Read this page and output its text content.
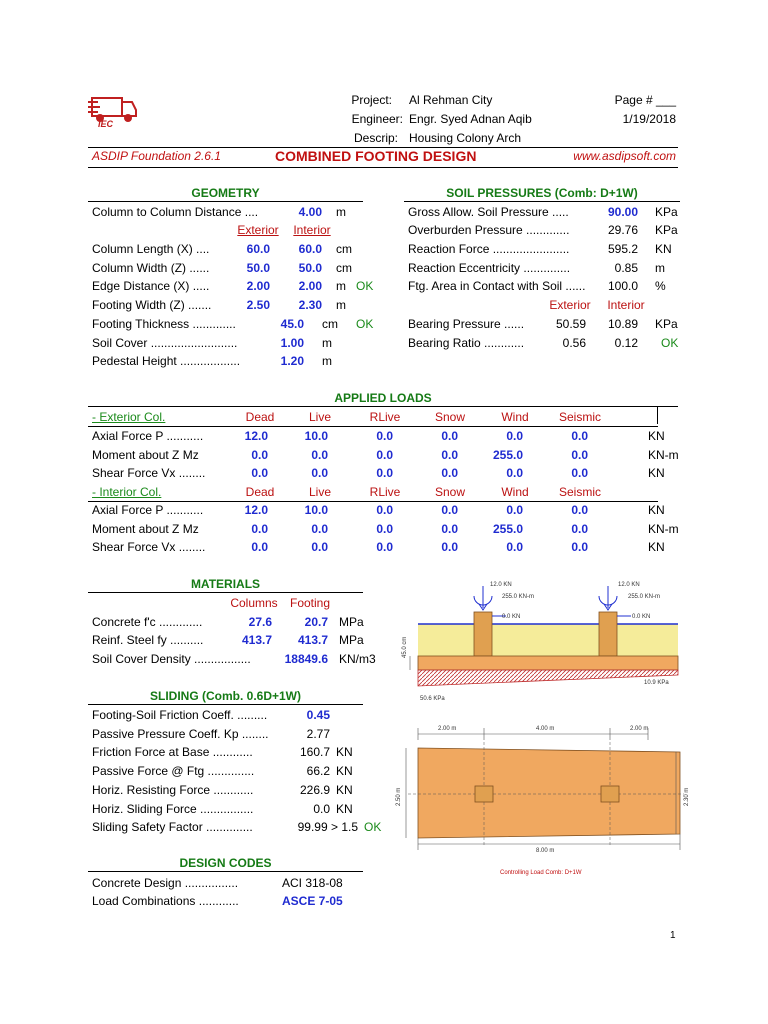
IEC
Project: Al Rehman City
Engineer: Engr. Syed Adnan Aqib
Descrip: Housing Colony Arch
Page # ___
1/19/2018
ASDIP Foundation 2.6.1	COMBINED FOOTING DESIGN	www.asdipsoft.com
GEOMETRY
Column to Column Distance ....	4.00 m
Exterior	Interior
Column Length (X) ....	60.0	60.0 cm
Column Width (Z) ......	50.0	50.0 cm
Edge Distance (X) .....	2.00	2.00 m OK
Footing Width (Z) .......	2.50	2.30 m
Footing Thickness .............	45.0 cm OK
Soil Cover ..........................	1.00 m
Pedestal Height ..................	1.20 m
SOIL PRESSURES (Comb: D+1W)
Gross Allow. Soil Pressure .....	90.00 KPa
Overburden Pressure .............	29.76 KPa
Reaction Force .......................	595.2 KN
Reaction Eccentricity ..............	0.85 m
Ftg. Area in Contact with Soil ......	100.0 %
Exterior	Interior
Bearing Pressure ......	50.59	10.89 KPa
Bearing Ratio ............	0.56	0.12 OK
APPLIED LOADS
- Exterior Col.	Dead	Live	RLive	Snow	Wind	Seismic
Axial Force P ...........	12.0	10.0	0.0	0.0	0.0	0.0	KN
Moment about Z Mz	0.0	0.0	0.0	0.0	255.0	0.0	KN-m
Shear Force Vx ........	0.0	0.0	0.0	0.0	0.0	0.0	KN
- Interior Col.	Dead	Live	RLive	Snow	Wind	Seismic
Axial Force P ...........	12.0	10.0	0.0	0.0	0.0	0.0	KN
Moment about Z Mz	0.0	0.0	0.0	0.0	255.0	0.0	KN-m
Shear Force Vx ........	0.0	0.0	0.0	0.0	0.0	0.0	KN
MATERIALS
Columns	Footing
Concrete f'c .............	27.6	20.7 MPa
Reinf. Steel fy ..........	413.7	413.7 MPa
Soil Cover Density .................	18849.6 KN/m3
SLIDING (Comb. 0.6D+1W)
Footing-Soil Friction Coeff. .........	0.45
Passive Pressure Coeff. Kp ........	2.77
Friction Force at Base ............	160.7 KN
Passive Force @ Ftg ..............	66.2 KN
Horiz. Resisting Force ............	226.9 KN
Horiz. Sliding Force ................	0.0 KN
Sliding Safety Factor ..............	99.99 > 1.5 OK
DESIGN CODES
Concrete Design ................	ACI 318-08
Load Combinations ............	ASCE 7-05
12.0 KN
255.0 KN-m
0.0 KN
12.0 KN
255.0 KN-m
0.0 KN
45.0 cm
50.6 KPa
10.9 KPa
2.00 m	4.00 m	2.00 m
2.50 m	2.30 m
8.00 m
Controlling Load Comb: D+1W
1
